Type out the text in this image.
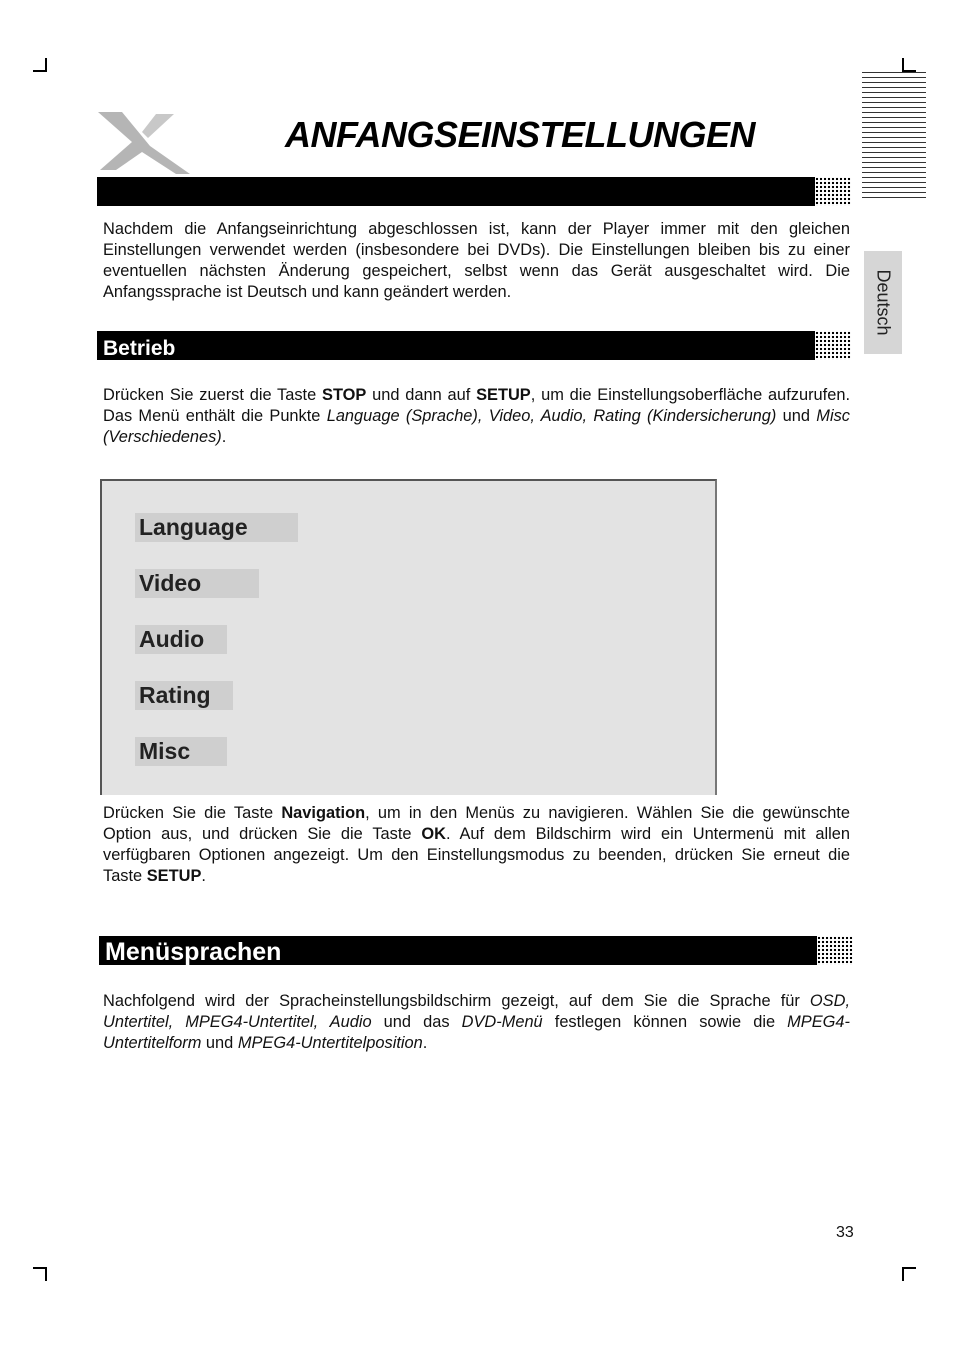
Deutsch
ANFANGSEINSTELLUNGEN
Nachdem die Anfangseinrichtung abgeschlossen ist, kann der Player immer mit den gleichen Einstellungen verwendet werden (insbesondere bei DVDs). Die Einstellungen bleiben bis zu einer eventuellen nächsten Änderung gespeichert, selbst wenn das Gerät ausgeschaltet wird. Die Anfangssprache ist Deutsch und kann geändert werden.
Betrieb
Drücken Sie zuerst die Taste STOP und dann auf SETUP, um die Einstellungsoberfläche aufzurufen. Das Menü enthält die Punkte Language (Sprache), Video, Audio, Rating (Kindersicherung) und Misc (Verschiedenes).
Language
Video
Audio
Rating
Misc
Drücken Sie die Taste Navigation, um in den Menüs zu navigieren. Wählen Sie die gewünschte Option aus, und drücken Sie die Taste OK. Auf dem Bildschirm wird ein Untermenü mit allen verfügbaren Optionen angezeigt. Um den Einstellungsmodus zu beenden, drücken Sie erneut die Taste SETUP.
Menüsprachen
Nachfolgend wird der Spracheinstellungsbildschirm gezeigt, auf dem Sie die Sprache für OSD, Untertitel, MPEG4-Untertitel, Audio und das DVD-Menü festlegen können sowie die MPEG4-Untertitelform und MPEG4-Untertitelposition.
33
